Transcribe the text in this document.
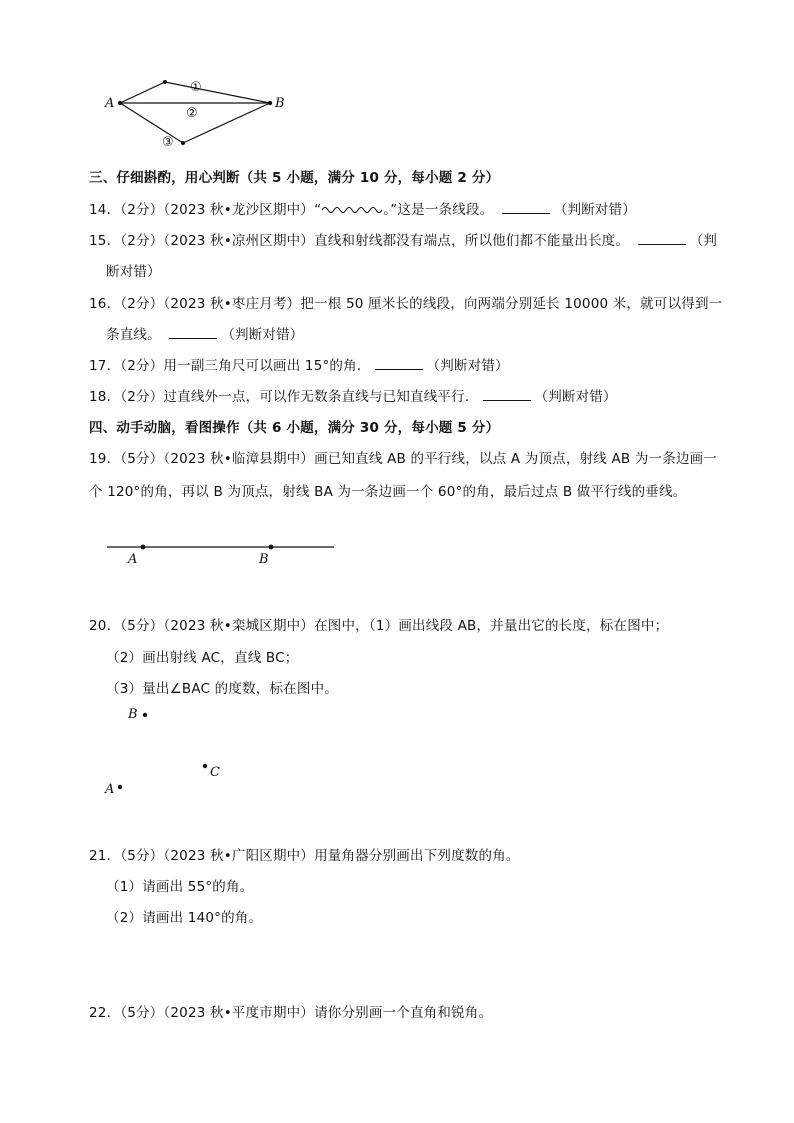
A	B
①
②
③
三、仔细斟酌，用心判断（共 5 小题，满分 10 分，每小题 2 分）
14．（2分）（2023 秋•龙沙区期中）“	。”这是一条线段。	（判断对错）
15．（2分）（2023 秋•凉州区期中）直线和射线都没有端点，所以他们都不能量出长度。	（判
断对错）
16．（2分）（2023 秋•枣庄月考）把一根 50 厘米长的线段，向两端分别延长 10000 米，就可以得到一
条直线。	（判断对错）
17．（2分）用一副三角尺可以画出 15°的角．	（判断对错）
18．（2分）过直线外一点，可以作无数条直线与已知直线平行．	（判断对错）
四、动手动脑，看图操作（共 6 小题，满分 30 分，每小题 5 分）
19．（5分）（2023 秋•临漳县期中）画已知直线 AB 的平行线，以点 A 为顶点，射线 AB 为一条边画一
个 120°的角，再以 B 为顶点，射线 BA 为一条边画一个 60°的角，最后过点 B 做平行线的垂线。
A	B
20．（5分）（2023 秋•栾城区期中）在图中，（1）画出线段 AB，并量出它的长度，标在图中；
（2）画出射线 AC，直线 BC；
（3）量出∠BAC 的度数，标在图中。
B
C
A
21．（5分）（2023 秋•广阳区期中）用量角器分别画出下列度数的角。
（1）请画出 55°的角。
（2）请画出 140°的角。
22．（5分）（2023 秋•平度市期中）请你分别画一个直角和锐角。
